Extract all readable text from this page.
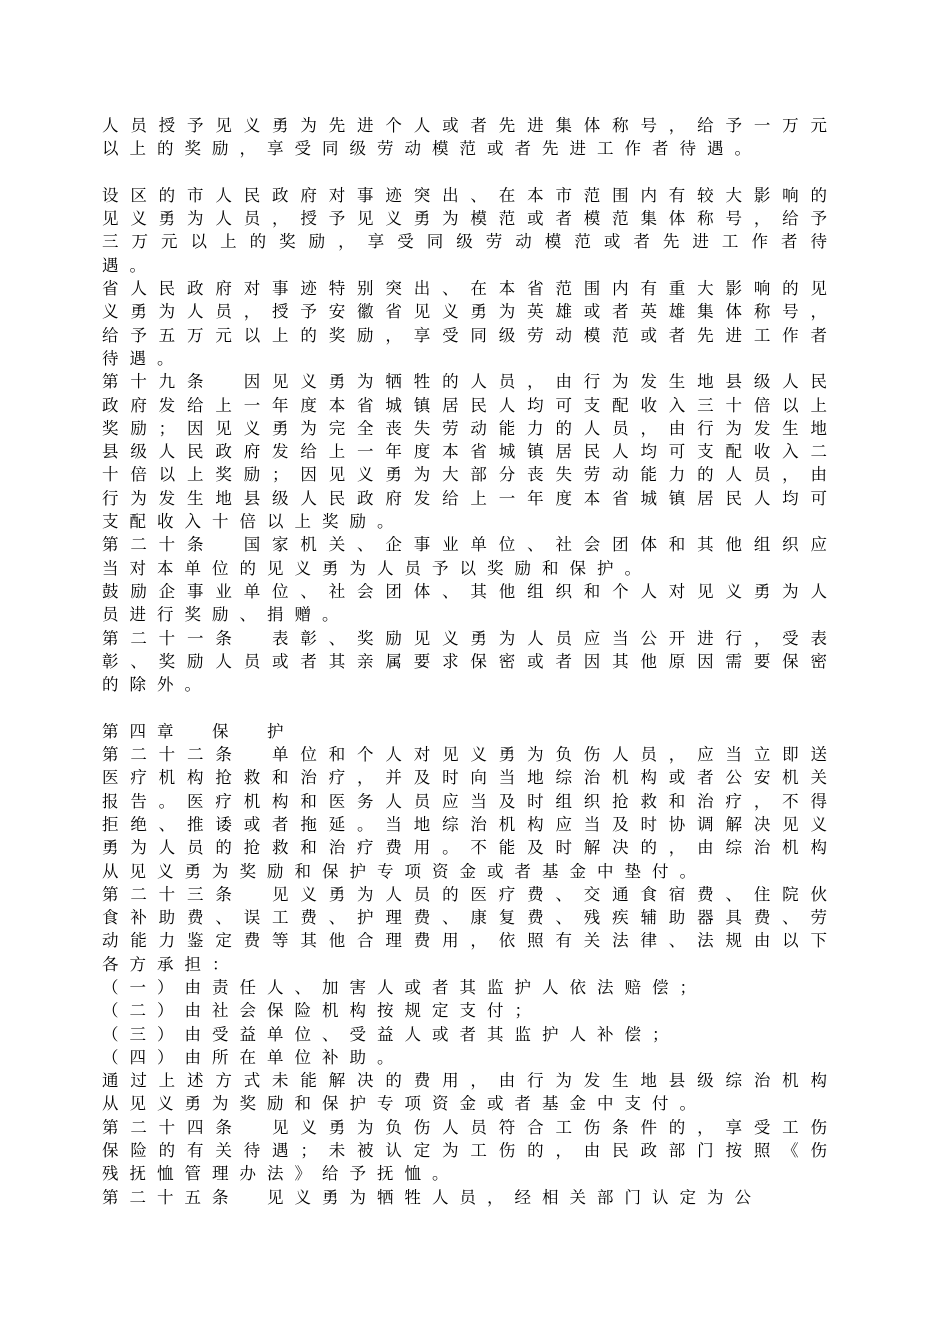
人员授予见义勇为先进个人或者先进集体称号，给予一万元以上的奖励，享受同级劳动模范或者先进工作者待遇。

设区的市人民政府对事迹突出、在本市范围内有较大影响的见义勇为人员，授予见义勇为模范或者模范集体称号，给予三万元以上的奖励，享受同级劳动模范或者先进工作者待遇。

省人民政府对事迹特别突出、在本省范围内有重大影响的见义勇为人员，授予安徽省见义勇为英雄或者英雄集体称号，给予五万元以上的奖励，享受同级劳动模范或者先进工作者待遇。

第十九条　因见义勇为牺牲的人员，由行为发生地县级人民政府发给上一年度本省城镇居民人均可支配收入三十倍以上奖励；因见义勇为完全丧失劳动能力的人员，由行为发生地县级人民政府发给上一年度本省城镇居民人均可支配收入二十倍以上奖励；因见义勇为大部分丧失劳动能力的人员，由行为发生地县级人民政府发给上一年度本省城镇居民人均可支配收入十倍以上奖励。

第二十条　国家机关、企事业单位、社会团体和其他组织应当对本单位的见义勇为人员予以奖励和保护。

鼓励企事业单位、社会团体、其他组织和个人对见义勇为人员进行奖励、捐赠。

第二十一条　表彰、奖励见义勇为人员应当公开进行，受表彰、奖励人员或者其亲属要求保密或者因其他原因需要保密的除外。

第四章　保　护

第二十二条　单位和个人对见义勇为负伤人员，应当立即送医疗机构抢救和治疗，并及时向当地综治机构或者公安机关报告。医疗机构和医务人员应当及时组织抢救和治疗，不得拒绝、推诿或者拖延。当地综治机构应当及时协调解决见义勇为人员的抢救和治疗费用。不能及时解决的，由综治机构从见义勇为奖励和保护专项资金或者基金中垫付。

第二十三条　见义勇为人员的医疗费、交通食宿费、住院伙食补助费、误工费、护理费、康复费、残疾辅助器具费、劳动能力鉴定费等其他合理费用，依照有关法律、法规由以下各方承担：

（一）由责任人、加害人或者其监护人依法赔偿；

（二）由社会保险机构按规定支付；

（三）由受益单位、受益人或者其监护人补偿；

（四）由所在单位补助。

通过上述方式未能解决的费用，由行为发生地县级综治机构从见义勇为奖励和保护专项资金或者基金中支付。

第二十四条　见义勇为负伤人员符合工伤条件的，享受工伤保险的有关待遇；未被认定为工伤的，由民政部门按照《伤残抚恤管理办法》给予抚恤。

第二十五条　见义勇为牺牲人员，经相关部门认定为公
